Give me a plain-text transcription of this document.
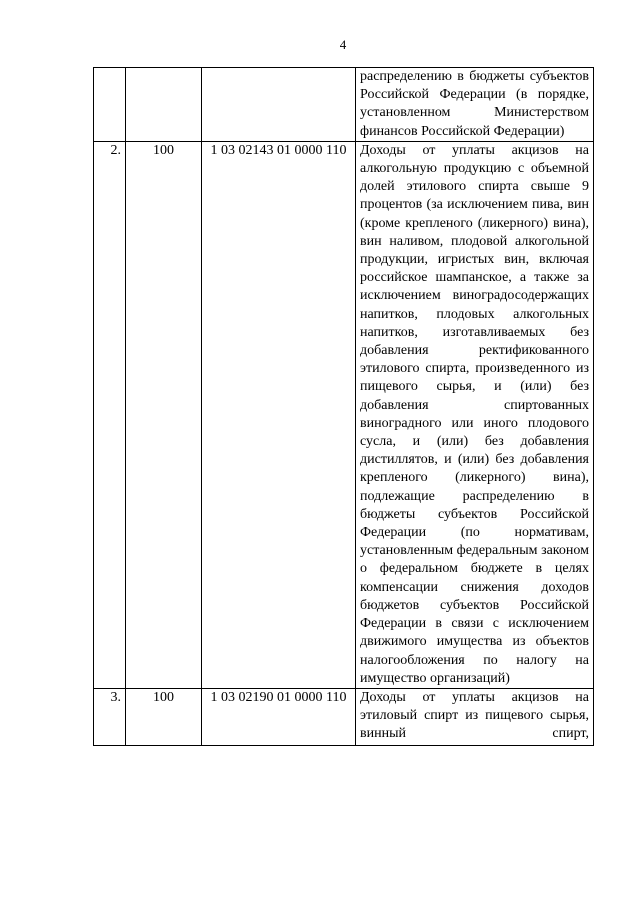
4

			распределению в бюджеты субъектов Российской Федерации (в порядке, установленном Министерством финансов Российской Федерации)

2.	100	1 03 02143 01 0000 110	Доходы от уплаты акцизов на алкогольную продукцию с объемной долей этилового спирта свыше 9 процентов (за исключением пива, вин (кроме крепленого (ликерного) вина), вин наливом, плодовой алкогольной продукции, игристых вин, включая российское шампанское, а также за исключением виноградосодержащих напитков, плодовых алкогольных напитков, изготавливаемых без добавления ректификованного этилового спирта, произведенного из пищевого сырья, и (или) без добавления спиртованных виноградного или иного плодового сусла, и (или) без добавления дистиллятов, и (или) без добавления крепленого (ликерного) вина), подлежащие распределению в бюджеты субъектов Российской Федерации (по нормативам, установленным федеральным законом о федеральном бюджете в целях компенсации снижения доходов бюджетов субъектов Российской Федерации в связи с исключением движимого имущества из объектов налогообложения по налогу на имущество организаций)

3.	100	1 03 02190 01 0000 110	Доходы от уплаты акцизов на этиловый спирт из пищевого сырья, винный спирт,
